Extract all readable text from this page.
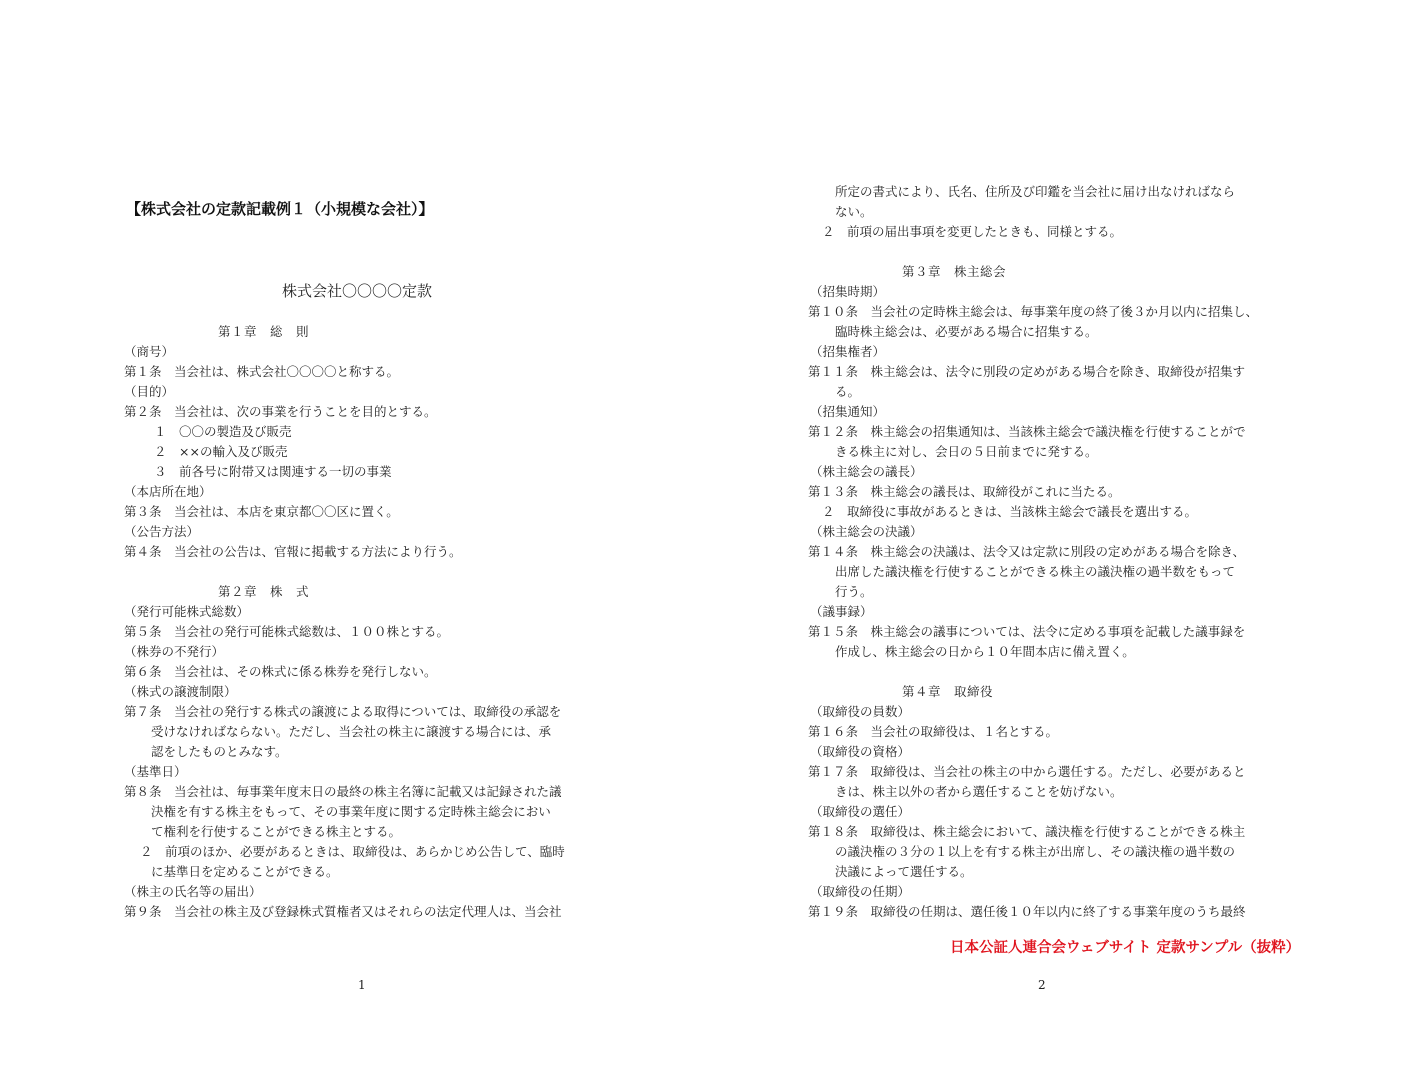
【株式会社の定款記載例１（小規模な会社）】
株式会社〇〇〇〇定款
第１章　総　則
（商号）
第１条　当会社は、株式会社〇〇〇〇と称する。
（目的）
第２条　当会社は、次の事業を行うことを目的とする。
１　〇〇の製造及び販売
２　××の輸入及び販売
３　前各号に附帯又は関連する一切の事業
（本店所在地）
第３条　当会社は、本店を東京都〇〇区に置く。
（公告方法）
第４条　当会社の公告は、官報に掲載する方法により行う。
第２章　株　式
（発行可能株式総数）
第５条　当会社の発行可能株式総数は、１００株とする。
（株券の不発行）
第６条　当会社は、その株式に係る株券を発行しない。
（株式の譲渡制限）
第７条　当会社の発行する株式の譲渡による取得については、取締役の承認を
受けなければならない。ただし、当会社の株主に譲渡する場合には、承
認をしたものとみなす。
（基準日）
第８条　当会社は、毎事業年度末日の最終の株主名簿に記載又は記録された議
決権を有する株主をもって、その事業年度に関する定時株主総会におい
て権利を行使することができる株主とする。
２　前項のほか、必要があるときは、取締役は、あらかじめ公告して、臨時
に基準日を定めることができる。
（株主の氏名等の届出）
第９条　当会社の株主及び登録株式質権者又はそれらの法定代理人は、当会社
1
所定の書式により、氏名、住所及び印鑑を当会社に届け出なければなら
ない。
２　前項の届出事項を変更したときも、同様とする。
第３章　株主総会
（招集時期）
第１０条　当会社の定時株主総会は、毎事業年度の終了後３か月以内に招集し、
臨時株主総会は、必要がある場合に招集する。
（招集権者）
第１１条　株主総会は、法令に別段の定めがある場合を除き、取締役が招集す
る。
（招集通知）
第１２条　株主総会の招集通知は、当該株主総会で議決権を行使することがで
きる株主に対し、会日の５日前までに発する。
（株主総会の議長）
第１３条　株主総会の議長は、取締役がこれに当たる。
２　取締役に事故があるときは、当該株主総会で議長を選出する。
（株主総会の決議）
第１４条　株主総会の決議は、法令又は定款に別段の定めがある場合を除き、
出席した議決権を行使することができる株主の議決権の過半数をもって
行う。
（議事録）
第１５条　株主総会の議事については、法令に定める事項を記載した議事録を
作成し、株主総会の日から１０年間本店に備え置く。
第４章　取締役
（取締役の員数）
第１６条　当会社の取締役は、１名とする。
（取締役の資格）
第１７条　取締役は、当会社の株主の中から選任する。ただし、必要があると
きは、株主以外の者から選任することを妨げない。
（取締役の選任）
第１８条　取締役は、株主総会において、議決権を行使することができる株主
の議決権の３分の１以上を有する株主が出席し、その議決権の過半数の
決議によって選任する。
（取締役の任期）
第１９条　取締役の任期は、選任後１０年以内に終了する事業年度のうち最終
日本公証人連合会ウェブサイト 定款サンプル（抜粋）
2
